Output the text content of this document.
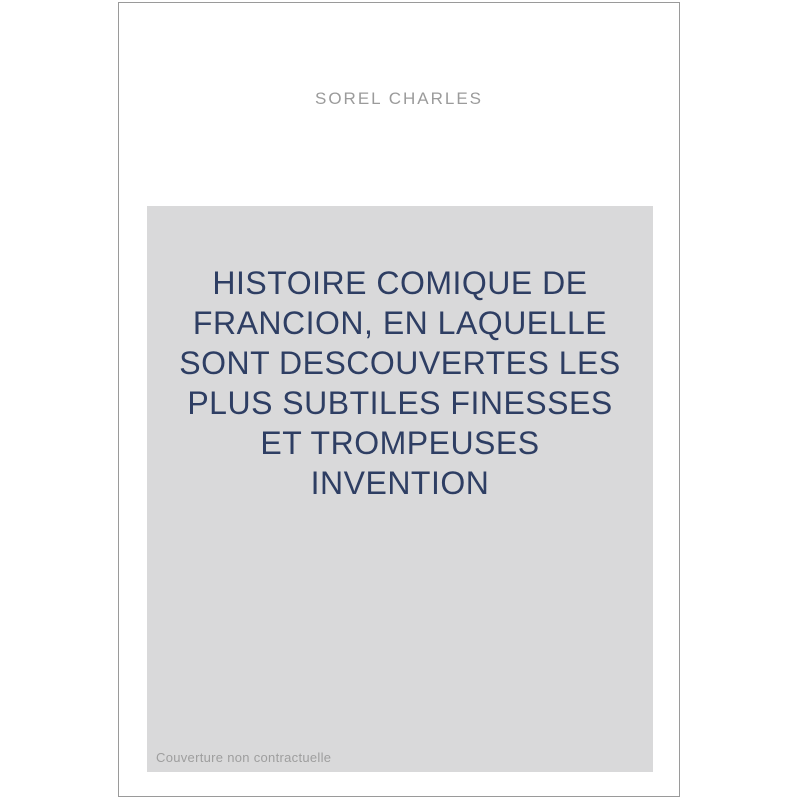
SOREL CHARLES
HISTOIRE COMIQUE DE
FRANCION, EN LAQUELLE
SONT DESCOUVERTES LES
PLUS SUBTILES FINESSES
ET TROMPEUSES
INVENTION
Couverture non contractuelle
